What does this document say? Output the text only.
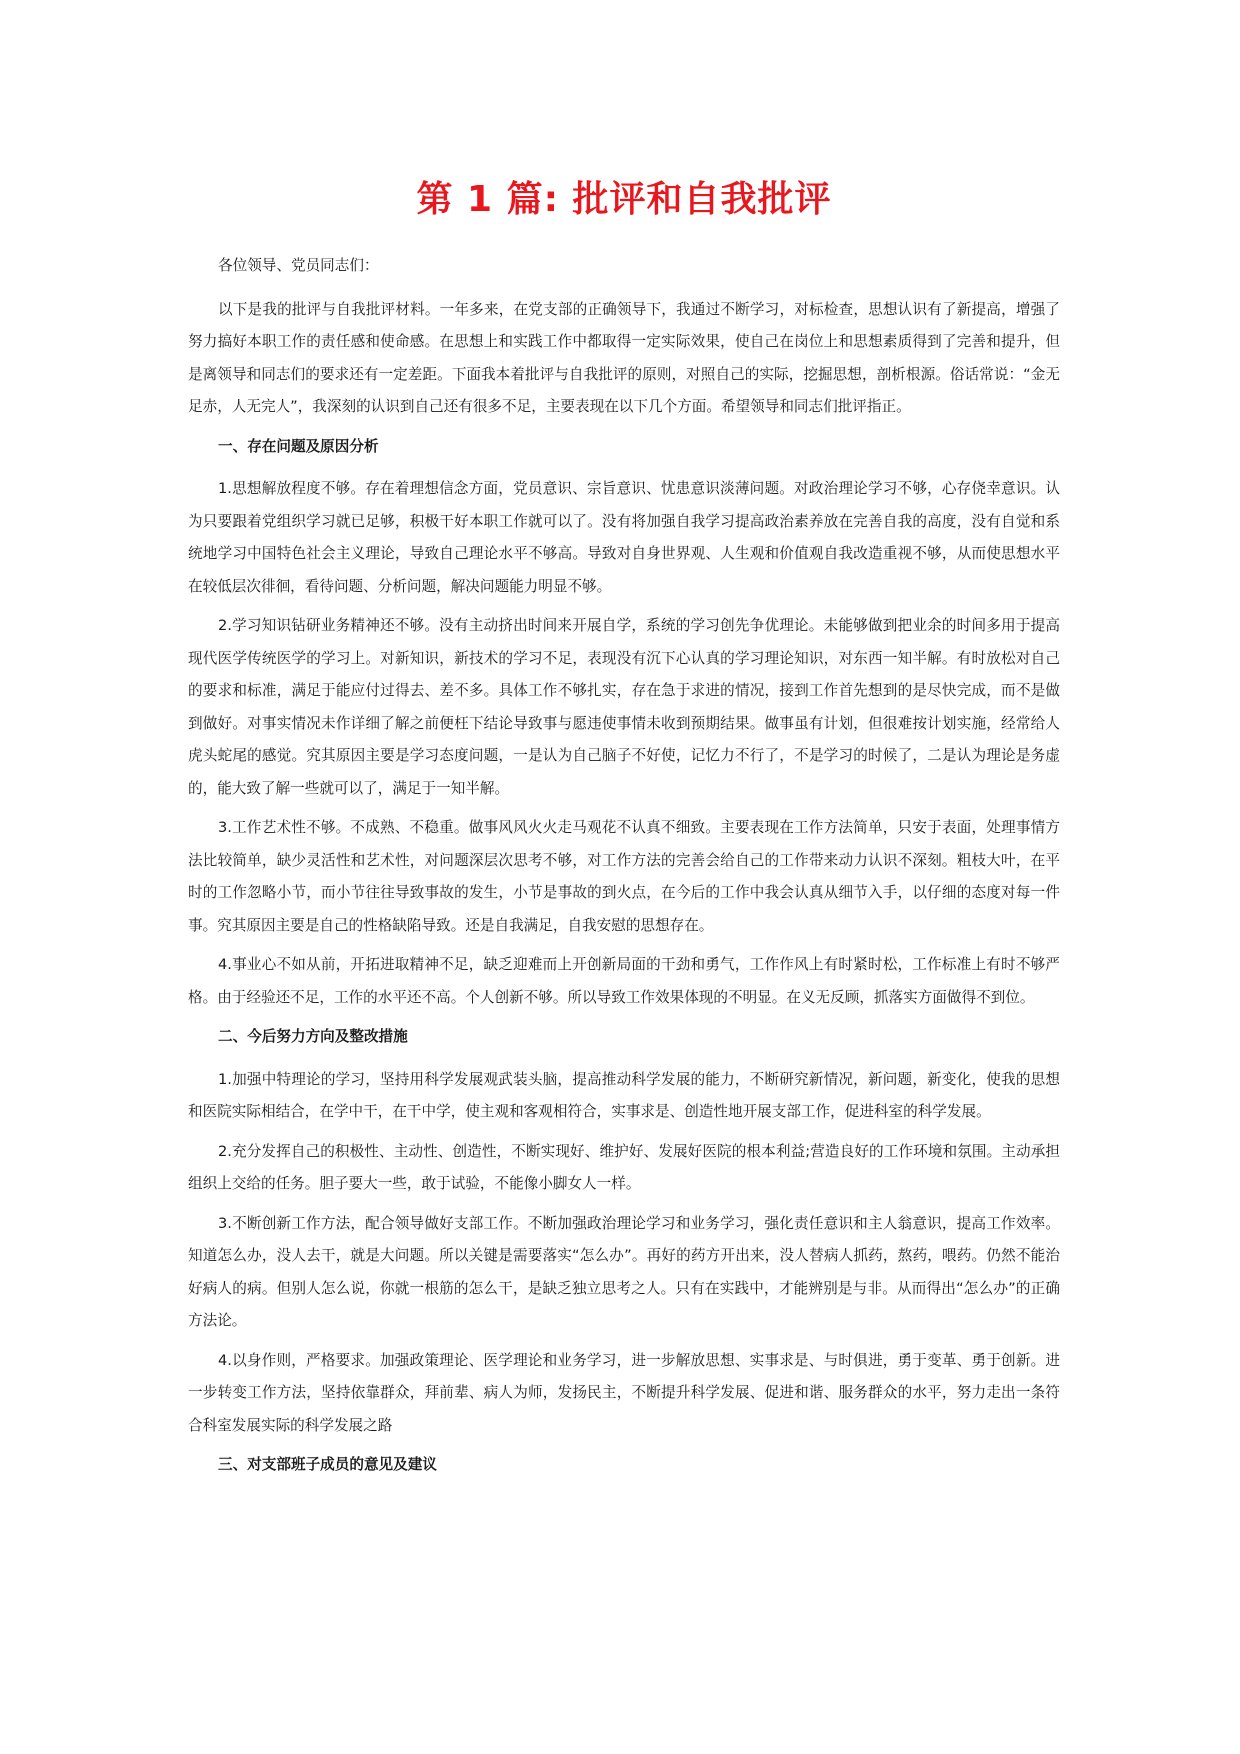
第 1 篇: 批评和自我批评

各位领导、党员同志们：

以下是我的批评与自我批评材料。一年多来，在党支部的正确领导下，我通过不断学习，对标检查，思想认识有了新提高，增强了努力搞好本职工作的责任感和使命感。在思想上和实践工作中都取得一定实际效果，使自己在岗位上和思想素质得到了完善和提升，但是离领导和同志们的要求还有一定差距。下面我本着批评与自我批评的原则，对照自己的实际，挖掘思想，剖析根源。俗话常说：“金无足赤，人无完人”，我深刻的认识到自己还有很多不足，主要表现在以下几个方面。希望领导和同志们批评指正。

一、存在问题及原因分析

1.思想解放程度不够。存在着理想信念方面，党员意识、宗旨意识、忧患意识淡薄问题。对政治理论学习不够，心存侥幸意识。认为只要跟着党组织学习就已足够，积极干好本职工作就可以了。没有将加强自我学习提高政治素养放在完善自我的高度，没有自觉和系统地学习中国特色社会主义理论，导致自己理论水平不够高。导致对自身世界观、人生观和价值观自我改造重视不够，从而使思想水平在较低层次徘徊，看待问题、分析问题，解决问题能力明显不够。

2.学习知识钻研业务精神还不够。没有主动挤出时间来开展自学，系统的学习创先争优理论。未能够做到把业余的时间多用于提高现代医学传统医学的学习上。对新知识，新技术的学习不足，表现没有沉下心认真的学习理论知识，对东西一知半解。有时放松对自己的要求和标准，满足于能应付过得去、差不多。具体工作不够扎实，存在急于求进的情况，接到工作首先想到的是尽快完成，而不是做到做好。对事实情况未作详细了解之前便枉下结论导致事与愿违使事情未收到预期结果。做事虽有计划，但很难按计划实施，经常给人虎头蛇尾的感觉。究其原因主要是学习态度问题，一是认为自己脑子不好使，记忆力不行了，不是学习的时候了，二是认为理论是务虚的，能大致了解一些就可以了，满足于一知半解。

3.工作艺术性不够。不成熟、不稳重。做事风风火火走马观花不认真不细致。主要表现在工作方法简单，只安于表面，处理事情方法比较简单，缺少灵活性和艺术性，对问题深层次思考不够，对工作方法的完善会给自己的工作带来动力认识不深刻。粗枝大叶，在平时的工作忽略小节，而小节往往导致事故的发生，小节是事故的到火点，在今后的工作中我会认真从细节入手，以仔细的态度对每一件事。究其原因主要是自己的性格缺陷导致。还是自我满足，自我安慰的思想存在。

4.事业心不如从前，开拓进取精神不足，缺乏迎难而上开创新局面的干劲和勇气，工作作风上有时紧时松，工作标准上有时不够严格。由于经验还不足，工作的水平还不高。个人创新不够。所以导致工作效果体现的不明显。在义无反顾，抓落实方面做得不到位。

二、今后努力方向及整改措施

1.加强中特理论的学习，坚持用科学发展观武装头脑，提高推动科学发展的能力，不断研究新情况，新问题，新变化，使我的思想和医院实际相结合，在学中干，在干中学，使主观和客观相符合，实事求是、创造性地开展支部工作，促进科室的科学发展。

2.充分发挥自己的积极性、主动性、创造性，不断实现好、维护好、发展好医院的根本利益;营造良好的工作环境和氛围。主动承担组织上交给的任务。胆子要大一些，敢于试验，不能像小脚女人一样。

3.不断创新工作方法，配合领导做好支部工作。不断加强政治理论学习和业务学习，强化责任意识和主人翁意识，提高工作效率。知道怎么办，没人去干，就是大问题。所以关键是需要落实“怎么办”。再好的药方开出来，没人替病人抓药，熬药，喂药。仍然不能治好病人的病。但别人怎么说，你就一根筋的怎么干，是缺乏独立思考之人。只有在实践中，才能辨别是与非。从而得出“怎么办”的正确方法论。

4.以身作则，严格要求。加强政策理论、医学理论和业务学习，进一步解放思想、实事求是、与时俱进，勇于变革、勇于创新。进一步转变工作方法，坚持依靠群众，拜前辈、病人为师，发扬民主，不断提升科学发展、促进和谐、服务群众的水平，努力走出一条符合科室发展实际的科学发展之路

三、对支部班子成员的意见及建议
